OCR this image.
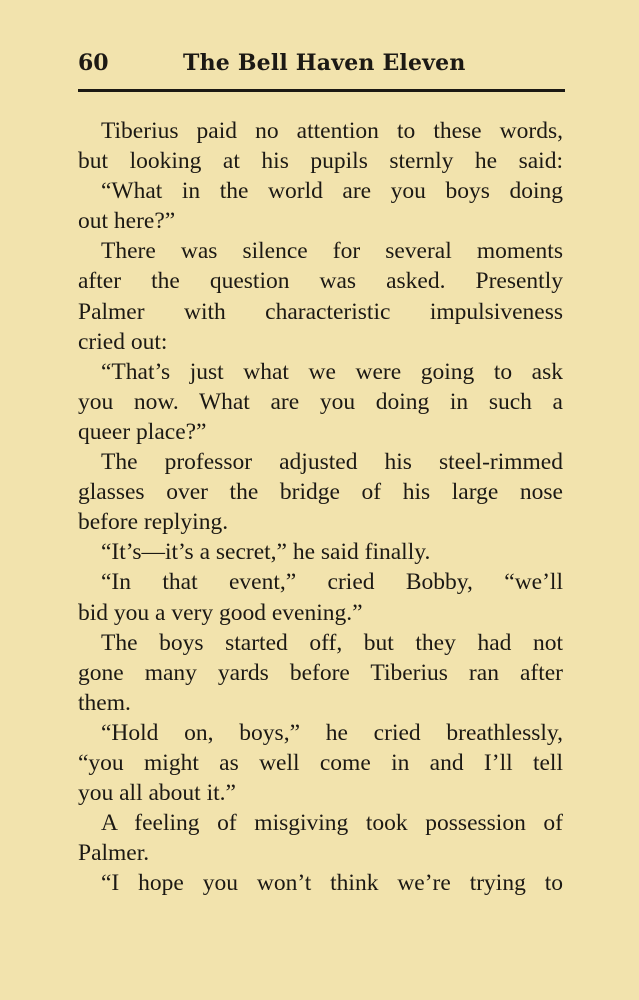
60	The Bell Haven Eleven
Tiberius paid no attention to these words,
but looking at his pupils sternly he said:
“What in the world are you boys doing
out here?”
There was silence for several moments
after the question was asked. Presently
Palmer with characteristic impulsiveness
cried out:
“That’s just what we were going to ask
you now. What are you doing in such a
queer place?”
The professor adjusted his steel-rimmed
glasses over the bridge of his large nose
before replying.
“It’s—it’s a secret,” he said finally.
“In that event,” cried Bobby, “we’ll
bid you a very good evening.”
The boys started off, but they had not
gone many yards before Tiberius ran after
them.
“Hold on, boys,” he cried breathlessly,
“you might as well come in and I’ll tell
you all about it.”
A feeling of misgiving took possession of
Palmer.
“I hope you won’t think we’re trying to
